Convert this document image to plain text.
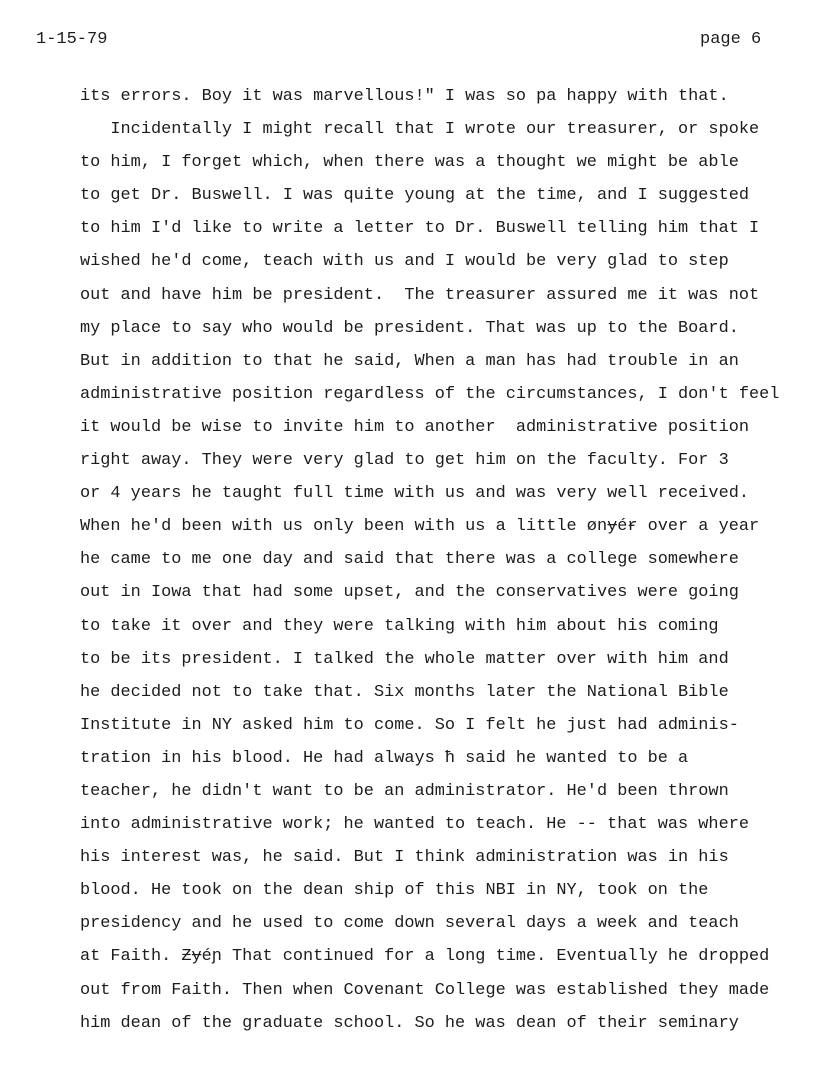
1-15-79	page 6
its errors. Boy it was marvellous!" I was so pa happy with that.
Incidentally I might recall that I wrote our treasurer, or spoke
to him, I forget which, when there was a thought we might be able
to get Dr. Buswell. I was quite young at the time, and I suggested
to him I'd like to write a letter to Dr. Buswell telling him that I
wished he'd come, teach with us and I would be very glad to step
out and have him be president.  The treasurer assured me it was not
my place to say who would be president. That was up to the Board.
But in addition to that he said, When a man has had trouble in an
administrative position regardless of the circumstances, I don't feel
it would be wise to invite him to another  administrative position
right away. They were very glad to get him on the faculty. For 3
or 4 years he taught full time with us and was very well received.
When he'd been with us only been with us a little ønɏéɍ over a year
he came to me one day and said that there was a college somewhere
out in Iowa that had some upset, and the conservatives were going
to take it over and they were talking with him about his coming
to be its president. I talked the whole matter over with him and
he decided not to take that. Six months later the National Bible
Institute in NY asked him to come. So I felt he just had adminis-
tration in his blood. He had always ħ said he wanted to be a
teacher, he didn't want to be an administrator. He'd been thrown
into administrative work; he wanted to teach. He -- that was where
his interest was, he said. But I think administration was in his
blood. He took on the dean ship of this NBI in NY, took on the
presidency and he used to come down several days a week and teach
at Faith. Ƶɏéɲ That continued for a long time. Eventually he dropped
out from Faith. Then when Covenant College was established they made
him dean of the graduate school. So he was dean of their seminary
